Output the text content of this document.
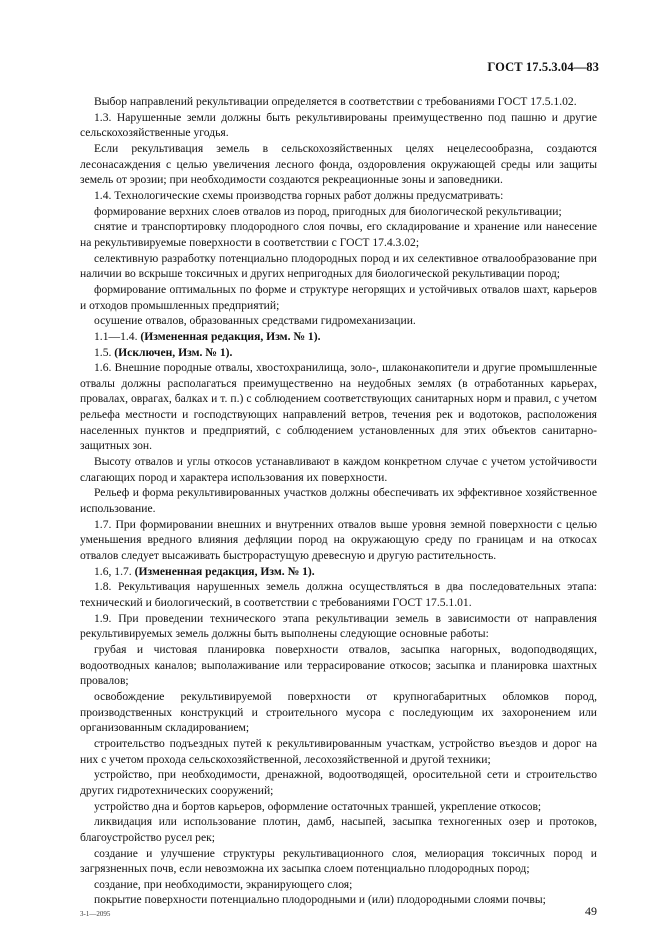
ГОСТ 17.5.3.04—83

Выбор направлений рекультивации определяется в соответствии с требованиями ГОСТ 17.5.1.02.

1.3. Нарушенные земли должны быть рекультивированы преимущественно под пашню и другие сельскохозяйственные угодья.

Если рекультивация земель в сельскохозяйственных целях нецелесообразна, создаются лесонасаждения с целью увеличения лесного фонда, оздоровления окружающей среды или защиты земель от эрозии; при необходимости создаются рекреационные зоны и заповедники.

1.4. Технологические схемы производства горных работ должны предусматривать:

формирование верхних слоев отвалов из пород, пригодных для биологической рекультивации;

снятие и транспортировку плодородного слоя почвы, его складирование и хранение или нанесение на рекультивируемые поверхности в соответствии с ГОСТ 17.4.3.02;

селективную разработку потенциально плодородных пород и их селективное отвалообразование при наличии во вскрыше токсичных и других непригодных для биологической рекультивации пород;

формирование оптимальных по форме и структуре негорящих и устойчивых отвалов шахт, карьеров и отходов промышленных предприятий;

осушение отвалов, образованных средствами гидромеханизации.

1.1—1.4. (Измененная редакция, Изм. № 1).

1.5. (Исключен, Изм. № 1).

1.6. Внешние породные отвалы, хвостохранилища, золо-, шлаконакопители и другие промышленные отвалы должны располагаться преимущественно на неудобных землях (в отработанных карьерах, провалах, оврагах, балках и т. п.) с соблюдением соответствующих санитарных норм и правил, с учетом рельефа местности и господствующих направлений ветров, течения рек и водотоков, расположения населенных пунктов и предприятий, с соблюдением установленных для этих объектов санитарно-защитных зон.

Высоту отвалов и углы откосов устанавливают в каждом конкретном случае с учетом устойчивости слагающих пород и характера использования их поверхности.

Рельеф и форма рекультивированных участков должны обеспечивать их эффективное хозяйственное использование.

1.7. При формировании внешних и внутренних отвалов выше уровня земной поверхности с целью уменьшения вредного влияния дефляции пород на окружающую среду по границам и на откосах отвалов следует высаживать быстрорастущую древесную и другую растительность.

1.6, 1.7. (Измененная редакция, Изм. № 1).

1.8. Рекультивация нарушенных земель должна осуществляться в два последовательных этапа: технический и биологический, в соответствии с требованиями ГОСТ 17.5.1.01.

1.9. При проведении технического этапа рекультивации земель в зависимости от направления рекультивируемых земель должны быть выполнены следующие основные работы:

грубая и чистовая планировка поверхности отвалов, засыпка нагорных, водоподводящих, водоотводных каналов; выполаживание или террасирование откосов; засыпка и планировка шахтных провалов;

освобождение рекультивируемой поверхности от крупногабаритных обломков пород, производственных конструкций и строительного мусора с последующим их захоронением или организованным складированием;

строительство подъездных путей к рекультивированным участкам, устройство въездов и дорог на них с учетом прохода сельскохозяйственной, лесохозяйственной и другой техники;

устройство, при необходимости, дренажной, водоотводящей, оросительной сети и строительство других гидротехнических сооружений;

устройство дна и бортов карьеров, оформление остаточных траншей, укрепление откосов;

ликвидация или использование плотин, дамб, насыпей, засыпка техногенных озер и протоков, благоустройство русел рек;

создание и улучшение структуры рекультивационного слоя, мелиорация токсичных пород и загрязненных почв, если невозможна их засыпка слоем потенциально плодородных пород;

создание, при необходимости, экранирующего слоя;

покрытие поверхности потенциально плодородными и (или) плодородными слоями почвы;

3-1—2095	49
